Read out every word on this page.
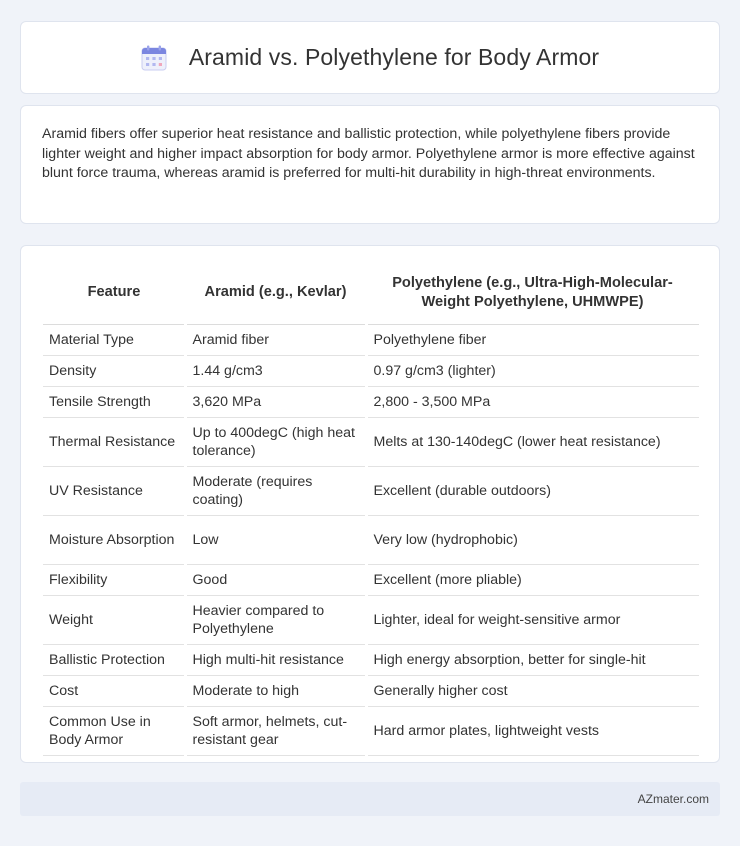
Aramid vs. Polyethylene for Body Armor

Aramid fibers offer superior heat resistance and ballistic protection, while polyethylene fibers provide lighter weight and higher impact absorption for body armor. Polyethylene armor is more effective against blunt force trauma, whereas aramid is preferred for multi-hit durability in high-threat environments.

Feature	Aramid (e.g., Kevlar)	Polyethylene (e.g., Ultra-High-Molecular-Weight Polyethylene, UHMWPE)
Material Type	Aramid fiber	Polyethylene fiber
Density	1.44 g/cm3	0.97 g/cm3 (lighter)
Tensile Strength	3,620 MPa	2,800 - 3,500 MPa
Thermal Resistance	Up to 400degC (high heat tolerance)	Melts at 130-140degC (lower heat resistance)
UV Resistance	Moderate (requires coating)	Excellent (durable outdoors)
Moisture Absorption	Low	Very low (hydrophobic)
Flexibility	Good	Excellent (more pliable)
Weight	Heavier compared to Polyethylene	Lighter, ideal for weight-sensitive armor
Ballistic Protection	High multi-hit resistance	High energy absorption, better for single-hit
Cost	Moderate to high	Generally higher cost
Common Use in Body Armor	Soft armor, helmets, cut-resistant gear	Hard armor plates, lightweight vests
AZmater.com
